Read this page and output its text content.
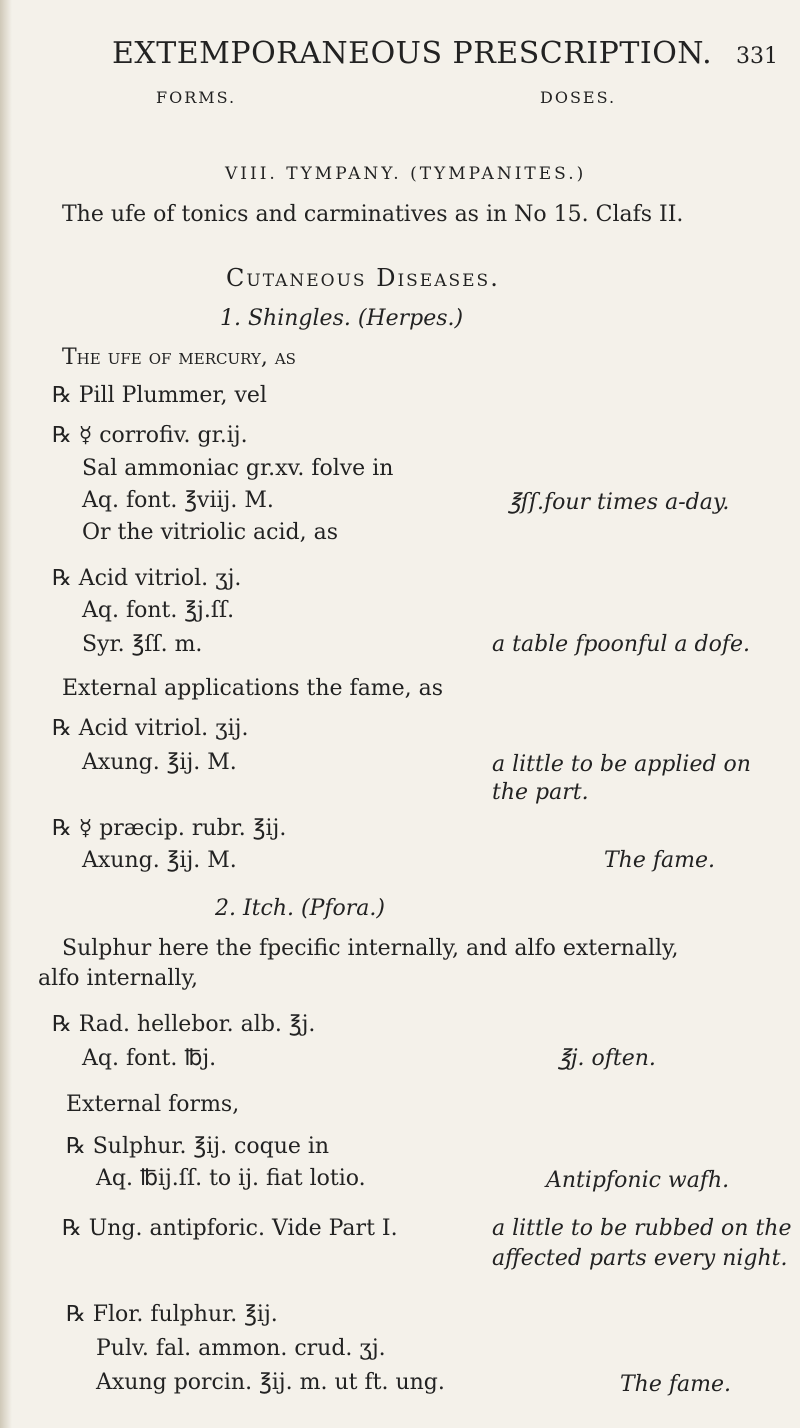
EXTEMPORANEOUS PRESCRIPTION. 331
FORMS.	DOSES.
VIII. TYMPANY. (TYMPANITES.)
The ufe of tonics and carminatives as in No 15. Clafs II.
Cutaneous Diseases.
1. Shingles. (Herpes.)
The ufe of mercury, as
℞ Pill Plummer, vel
℞ ☿ corrofiv. gr.ij.
Sal ammoniac gr.xv. folve in
Aq. font. ℥viij. M.	℥ſſ.four times a-day.
Or the vitriolic acid, as
℞ Acid vitriol. ʒj.
Aq. font. ℥j.ſſ.
Syr. ℥ſſ. m.	a table fpoonful a dofe.
External applications the fame, as
℞ Acid vitriol. ʒij.
Axung. ℥ij. M.	a little to be applied on
the part.
℞ ☿ præcip. rubr. ℥ij.
Axung. ℥ij. M.	The fame.
2. Itch. (Pfora.)
Sulphur here the fpecific internally, and alfo externally,
alfo internally,
℞ Rad. hellebor. alb. ℥j.
Aq. font. ℔j.	℥j. often.
External forms,
℞ Sulphur. ℥ij. coque in
Aq. ℔ij.ſſ. to ij. fiat lotio.	Antipfonic wafh.
℞ Ung. antipforic. Vide Part I.	a little to be rubbed on the
affected parts every night.
℞ Flor. fulphur. ℥ij.
Pulv. fal. ammon. crud. ʒj.
Axung porcin. ℥ij. m. ut ft. ung.	The fame.
